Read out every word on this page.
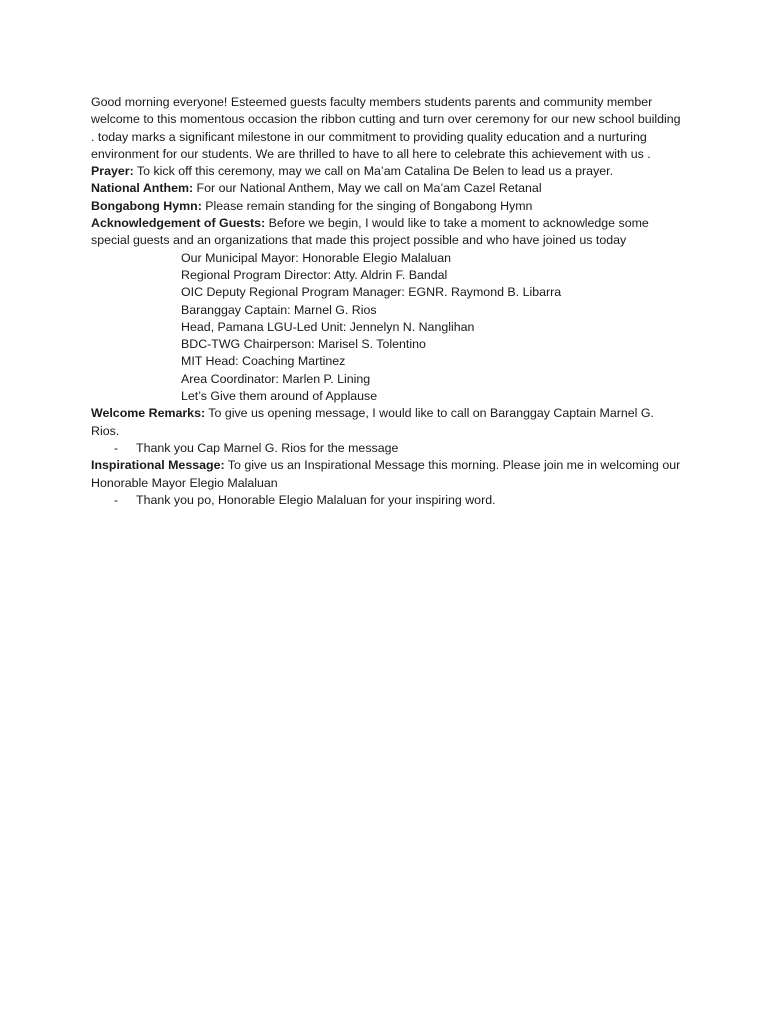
Good morning everyone! Esteemed guests faculty members students parents and community member welcome to this momentous occasion the ribbon cutting and turn over ceremony for our new school building . today marks a significant milestone in our commitment to providing quality education and a nurturing environment for our students. We are thrilled to have to all here to celebrate this achievement with us .

Prayer: To kick off this ceremony, may we call on Ma’am Catalina De Belen to lead us a prayer.

National Anthem: For our National Anthem, May we call on Ma’am Cazel Retanal

Bongabong Hymn: Please remain standing for the singing of Bongabong Hymn

Acknowledgement of Guests: Before we begin, I would like to take a moment to acknowledge some special guests and an organizations that made this project possible and who have joined us today

Our Municipal Mayor: Honorable Elegio Malaluan
Regional Program Director: Atty. Aldrin F. Bandal
OIC Deputy Regional Program Manager: EGNR. Raymond B. Libarra
Baranggay Captain: Marnel G. Rios
Head, Pamana LGU-Led Unit: Jennelyn N. Nanglihan
BDC-TWG Chairperson: Marisel S. Tolentino
MIT Head: Coaching Martinez
Area Coordinator: Marlen P. Lining
Let’s Give them around of Applause

Welcome Remarks: To give us opening message, I would like to call on Baranggay Captain Marnel G. Rios.

- Thank you Cap Marnel G. Rios for the message

Inspirational Message: To give us an Inspirational Message this morning. Please join me in welcoming our Honorable Mayor Elegio Malaluan

- Thank you po, Honorable Elegio Malaluan for your inspiring word.
